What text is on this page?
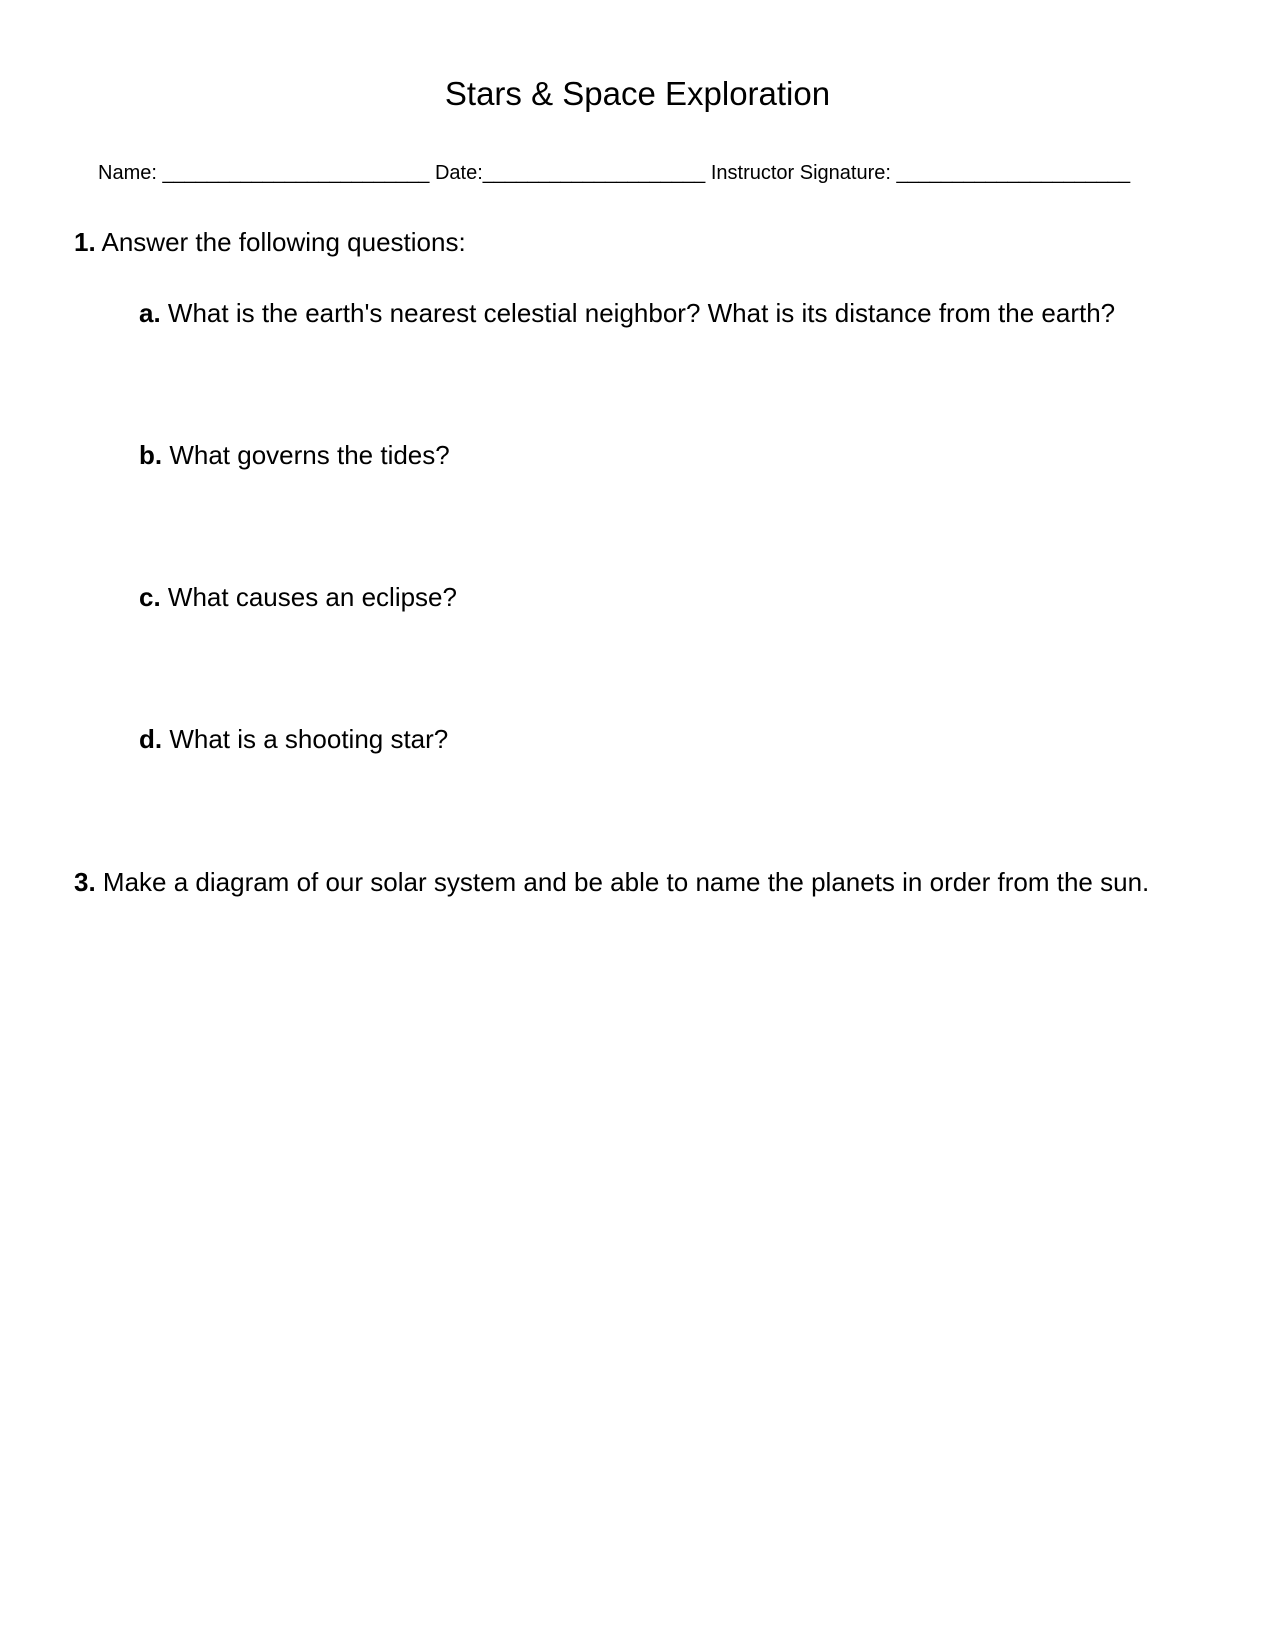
Stars & Space Exploration
Name: ________________________ Date:____________________ Instructor Signature: _____________________
1. Answer the following questions:
a. What is the earth's nearest celestial neighbor? What is its distance from the earth?
b. What governs the tides?
c. What causes an eclipse?
d. What is a shooting star?
3. Make a diagram of our solar system and be able to name the planets in order from the sun.
